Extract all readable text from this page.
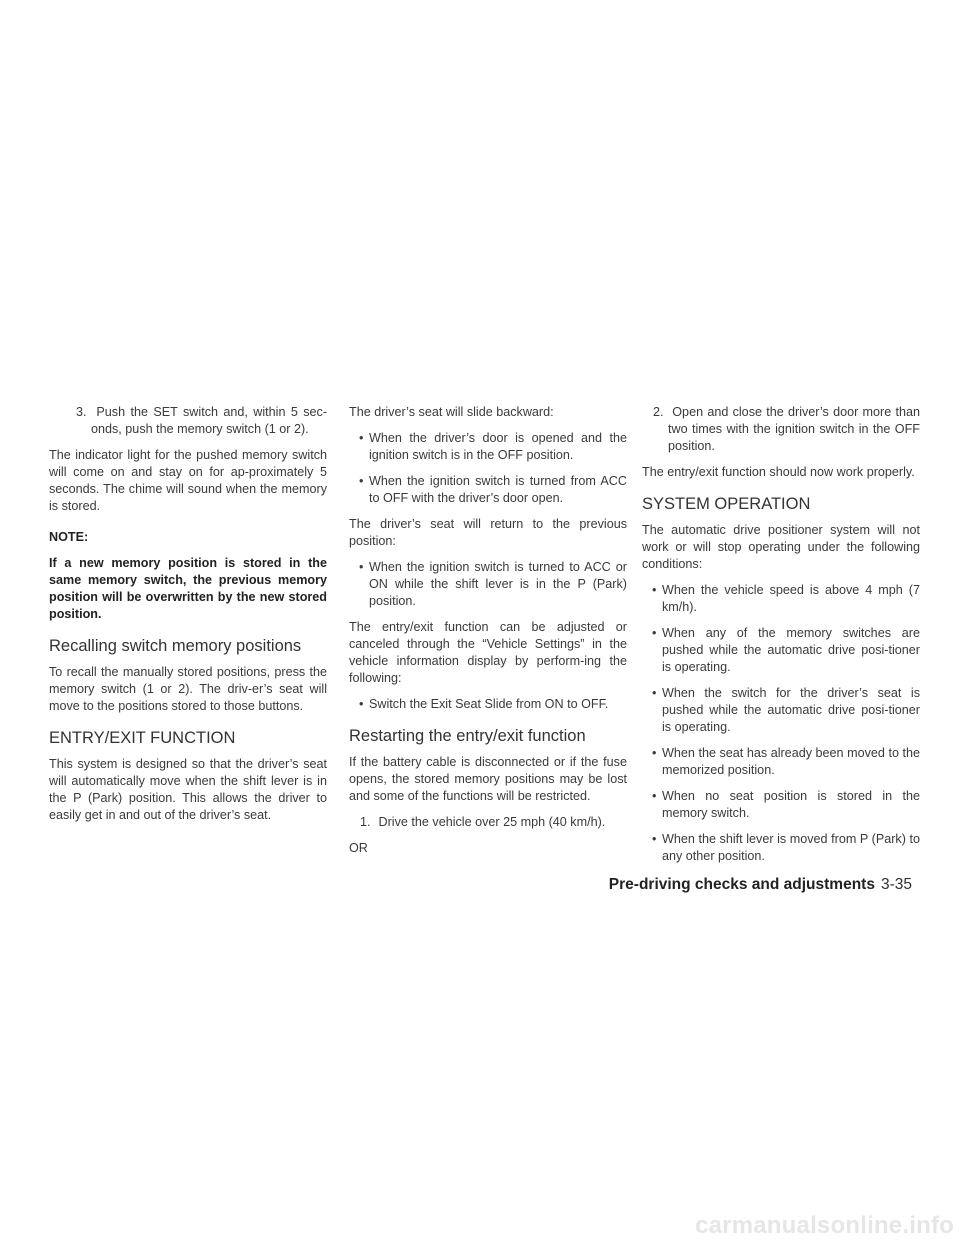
3. Push the SET switch and, within 5 sec-onds, push the memory switch (1 or 2).

The indicator light for the pushed memory switch will come on and stay on for ap-proximately 5 seconds. The chime will sound when the memory is stored.

NOTE:

If a new memory position is stored in the same memory switch, the previous memory position will be overwritten by the new stored position.

Recalling switch memory positions

To recall the manually stored positions, press the memory switch (1 or 2). The driv-er’s seat will move to the positions stored to those buttons.

ENTRY/EXIT FUNCTION

This system is designed so that the driver’s seat will automatically move when the shift lever is in the P (Park) position. This allows the driver to easily get in and out of the driver’s seat.

The driver’s seat will slide backward:

• When the driver’s door is opened and the ignition switch is in the OFF position.

• When the ignition switch is turned from ACC to OFF with the driver’s door open.

The driver’s seat will return to the previous position:

• When the ignition switch is turned to ACC or ON while the shift lever is in the P (Park) position.

The entry/exit function can be adjusted or canceled through the “Vehicle Settings” in the vehicle information display by perform-ing the following:

• Switch the Exit Seat Slide from ON to OFF.

Restarting the entry/exit function

If the battery cable is disconnected or if the fuse opens, the stored memory positions may be lost and some of the functions will be restricted.

1. Drive the vehicle over 25 mph (40 km/h).

OR

2. Open and close the driver’s door more than two times with the ignition switch in the OFF position.

The entry/exit function should now work properly.

SYSTEM OPERATION

The automatic drive positioner system will not work or will stop operating under the following conditions:

• When the vehicle speed is above 4 mph (7 km/h).

• When any of the memory switches are pushed while the automatic drive posi-tioner is operating.

• When the switch for the driver’s seat is pushed while the automatic drive posi-tioner is operating.

• When the seat has already been moved to the memorized position.

• When no seat position is stored in the memory switch.

• When the shift lever is moved from P (Park) to any other position.

Pre-driving checks and adjustments 3-35
carmanualsonline.info
